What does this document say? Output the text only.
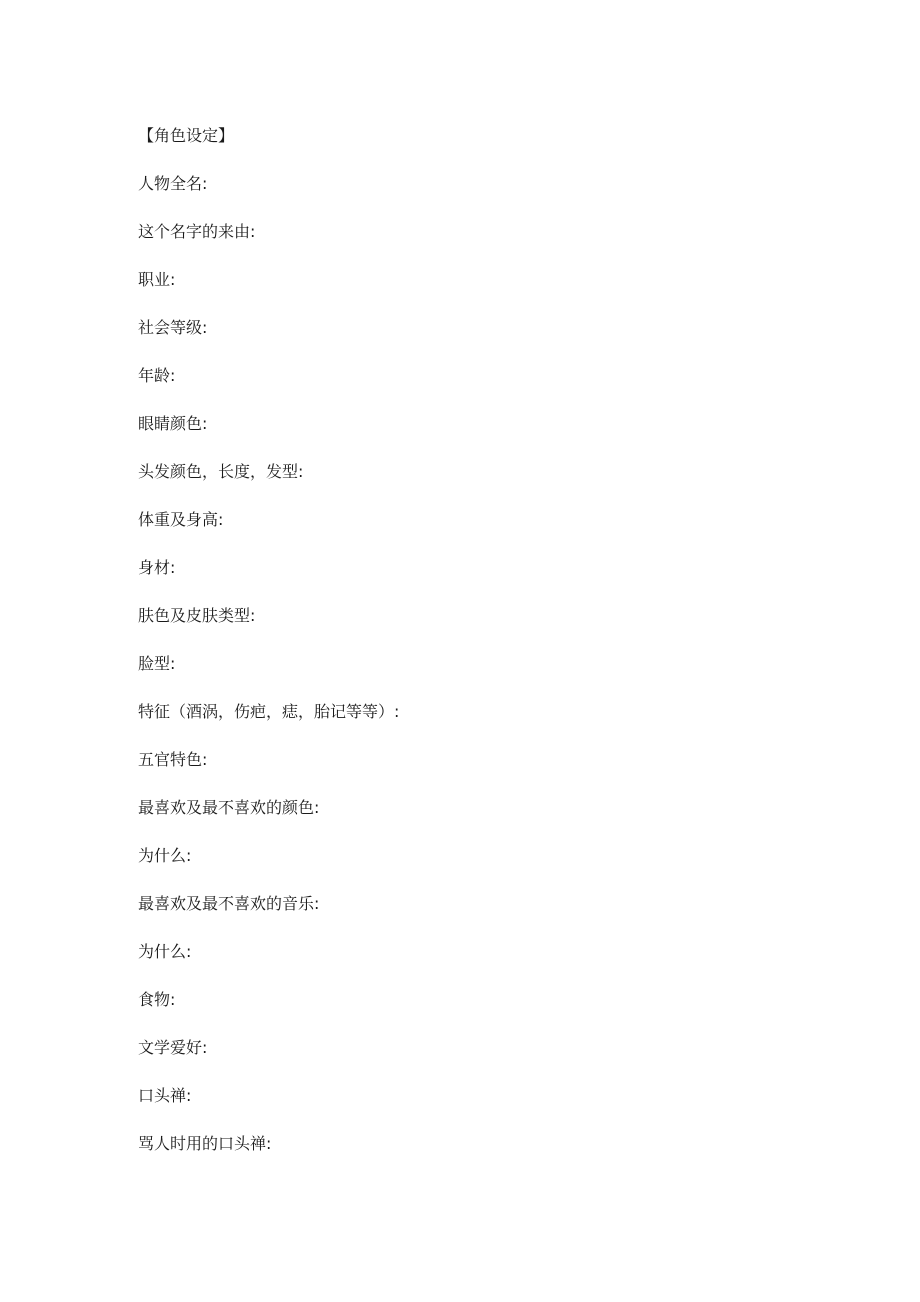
【角色设定】
人物全名:
这个名字的来由:
职业:
社会等级:
年龄:
眼睛颜色:
头发颜色，长度，发型:
体重及身高:
身材:
肤色及皮肤类型:
脸型:
特征（酒涡，伤疤，痣，胎记等等）:
五官特色:
最喜欢及最不喜欢的颜色:
为什么:
最喜欢及最不喜欢的音乐:
为什么:
食物:
文学爱好:
口头禅:
骂人时用的口头禅:
